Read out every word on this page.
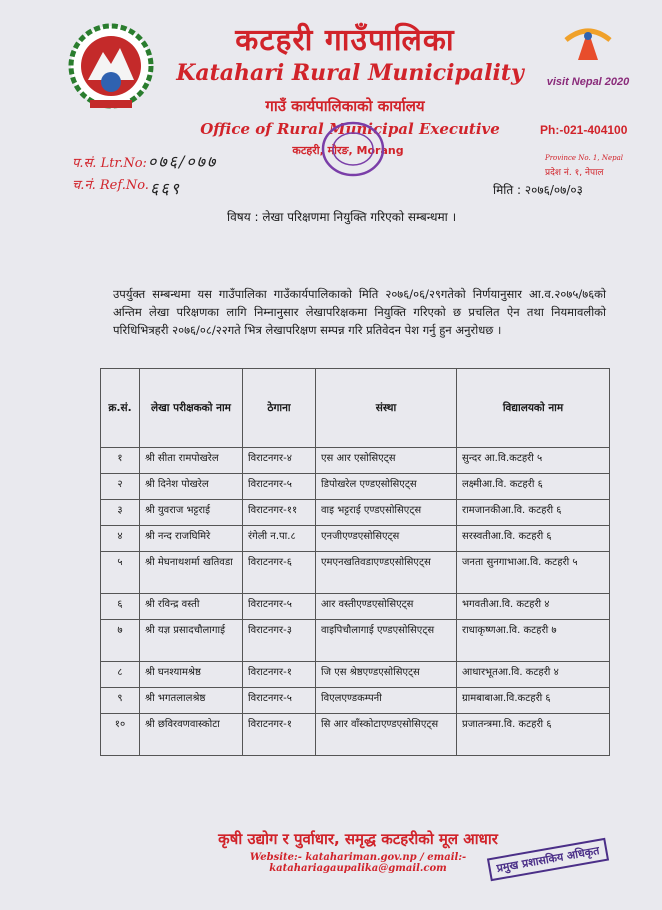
visit Nepal 2020
कटहरी गाउँपालिका
Katahari Rural Municipality
गाउँ कार्यपालिकाको कार्यालय
Office of Rural Municipal Executive
कटहरी, मोरङ, Morang
Ph:-021-404100
Province No. 1, Nepal
प्रदेश नं. १, नेपाल
प.सं. Ltr.No:
च.नं. Ref.No.
०७६/०७७
६६९	मिति : २०७६/०७/०३
विषय : लेखा परिक्षणमा नियुक्ति गरिएको सम्बन्धमा ।
उपर्युक्त सम्बन्धमा यस गाउँपालिका गाउँकार्यपालिकाको मिति २०७६/०६/२९गतेको निर्णयानुसार आ.व.२०७५/७६को अन्तिम लेखा परिक्षणका लागि निम्नानुसार लेखापरिक्षकमा नियुक्ति गरिएको छ प्रचलित ऐन तथा नियमावलीको परिधिभित्रहरी २०७६/०८/२२गते भित्र लेखापरिक्षण सम्पन्न गरि प्रतिवेदन पेश गर्नु हुन अनुरोधछ ।
क्र.सं.	लेखा परीक्षकको नाम	ठेगाना	संस्था	विद्यालयको नाम
१	श्री सीता रामपोखरेल	विराटनगर-४	एस आर एसोसिएट्स	सुन्दर आ.वि.कटहरी ५
२	श्री दिनेश पोखरेल	विराटनगर-५	डिपोखरेल एण्डएसोसिएट्स	लक्ष्मीआ.वि. कटहरी ६
३	श्री युवराज भट्टराई	विराटनगर-११	वाइ भट्टराई एण्डएसोसिएट्स	रामजानकीआ.वि. कटहरी ६
४	श्री नन्द राजघिमिरे	रंगेली न.पा.८	एनजीएण्डएसोसिएट्स	सरस्वतीआ.वि. कटहरी ६
५	श्री मेघनाथशर्मा खतिवडा	विराटनगर-६	एमएनखतिवडाएण्डएसोसिएट्स	जनता सुनगाभाआ.वि. कटहरी ५
६	श्री रविन्द्र वस्ती	विराटनगर-५	आर वस्तीएण्डएसोसिएट्स	भगवतीआ.वि. कटहरी ४
७	श्री यज्ञ प्रसादचौलागाई	विराटनगर-३	वाइपिचौलागाई एण्डएसोसिएट्स	राधाकृष्णआ.वि. कटहरी ७
८	श्री घनश्यामश्रेष्ठ	विराटनगर-१	जि एस श्रेष्ठएण्डएसोसिएट्स	आधारभूतआ.वि. कटहरी ४
९	श्री भगतलालश्रेष्ठ	विराटनगर-५	विएलएण्डकम्पनी	ग्रामबाबाआ.वि.कटहरी ६
१०	श्री छविरवणवास्कोटा	विराटनगर-१	सि आर वाँस्कोटाएण्डएसोसिएट्स	प्रजातन्त्रमा.वि. कटहरी ६
कृषी उद्योग र पुर्वाधार, समृद्ध कटहरीको मूल आधार
Website:- katahariman.gov.np / email:-katahariagaupalika@gmail.com	प्रमुख प्रशासकिय अधिकृत
